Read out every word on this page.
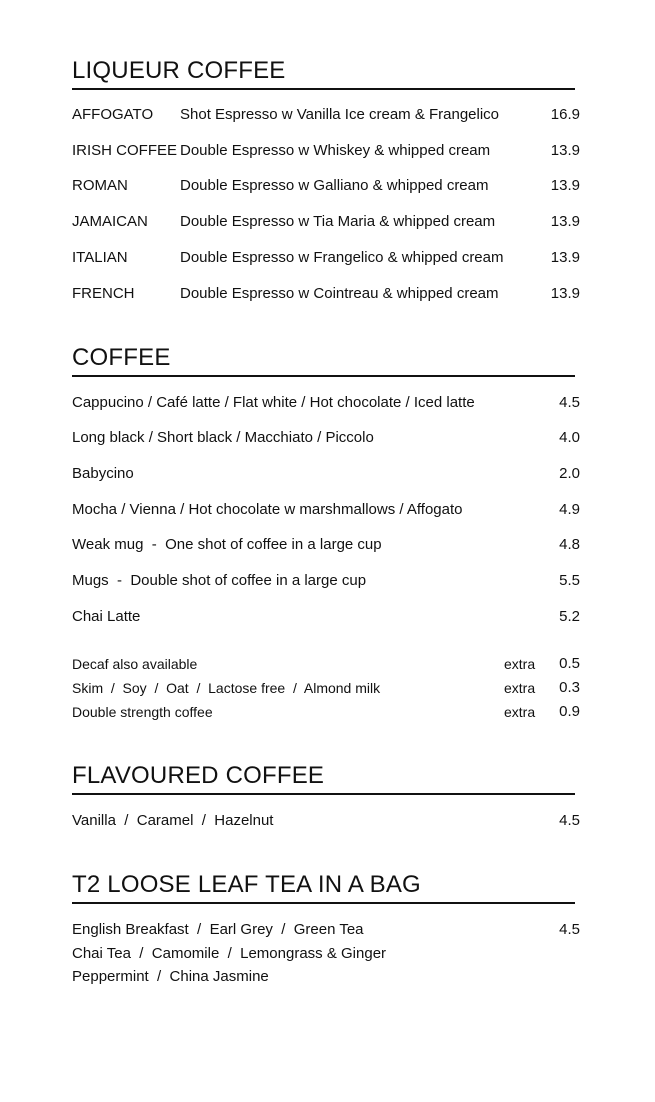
LIQUEUR COFFEE
AFFOGATO Shot Espresso w Vanilla Ice cream & Frangelico	16.9
IRISH COFFEE Double Espresso w Whiskey & whipped cream	13.9
ROMAN	Double Espresso w Galliano & whipped cream	13.9
JAMAICAN Double Espresso w Tia Maria & whipped cream	13.9
ITALIAN	Double Espresso w Frangelico & whipped cream	13.9
FRENCH	Double Espresso w Cointreau & whipped cream	13.9
COFFEE
Cappucino / Café latte / Flat white / Hot chocolate / Iced latte	4.5
Long black / Short black / Macchiato / Piccolo	4.0
Babycino	2.0
Mocha / Vienna / Hot chocolate w marshmallows / Affogato	4.9
Weak mug  -  One shot of coffee in a large cup	4.8
Mugs  -  Double shot of coffee in a large cup	5.5
Chai Latte	5.2
Decaf also available	extra 0.5
Skim  /  Soy  /  Oat  /  Lactose free  /  Almond milk	extra 0.3
Double strength coffee	extra 0.9
FLAVOURED COFFEE
Vanilla  /  Caramel  /  Hazelnut	4.5
T2 LOOSE LEAF TEA IN A BAG
English Breakfast  /  Earl Grey  /  Green Tea	4.5
Chai Tea  /  Camomile  /  Lemongrass & Ginger
Peppermint  /  China Jasmine
